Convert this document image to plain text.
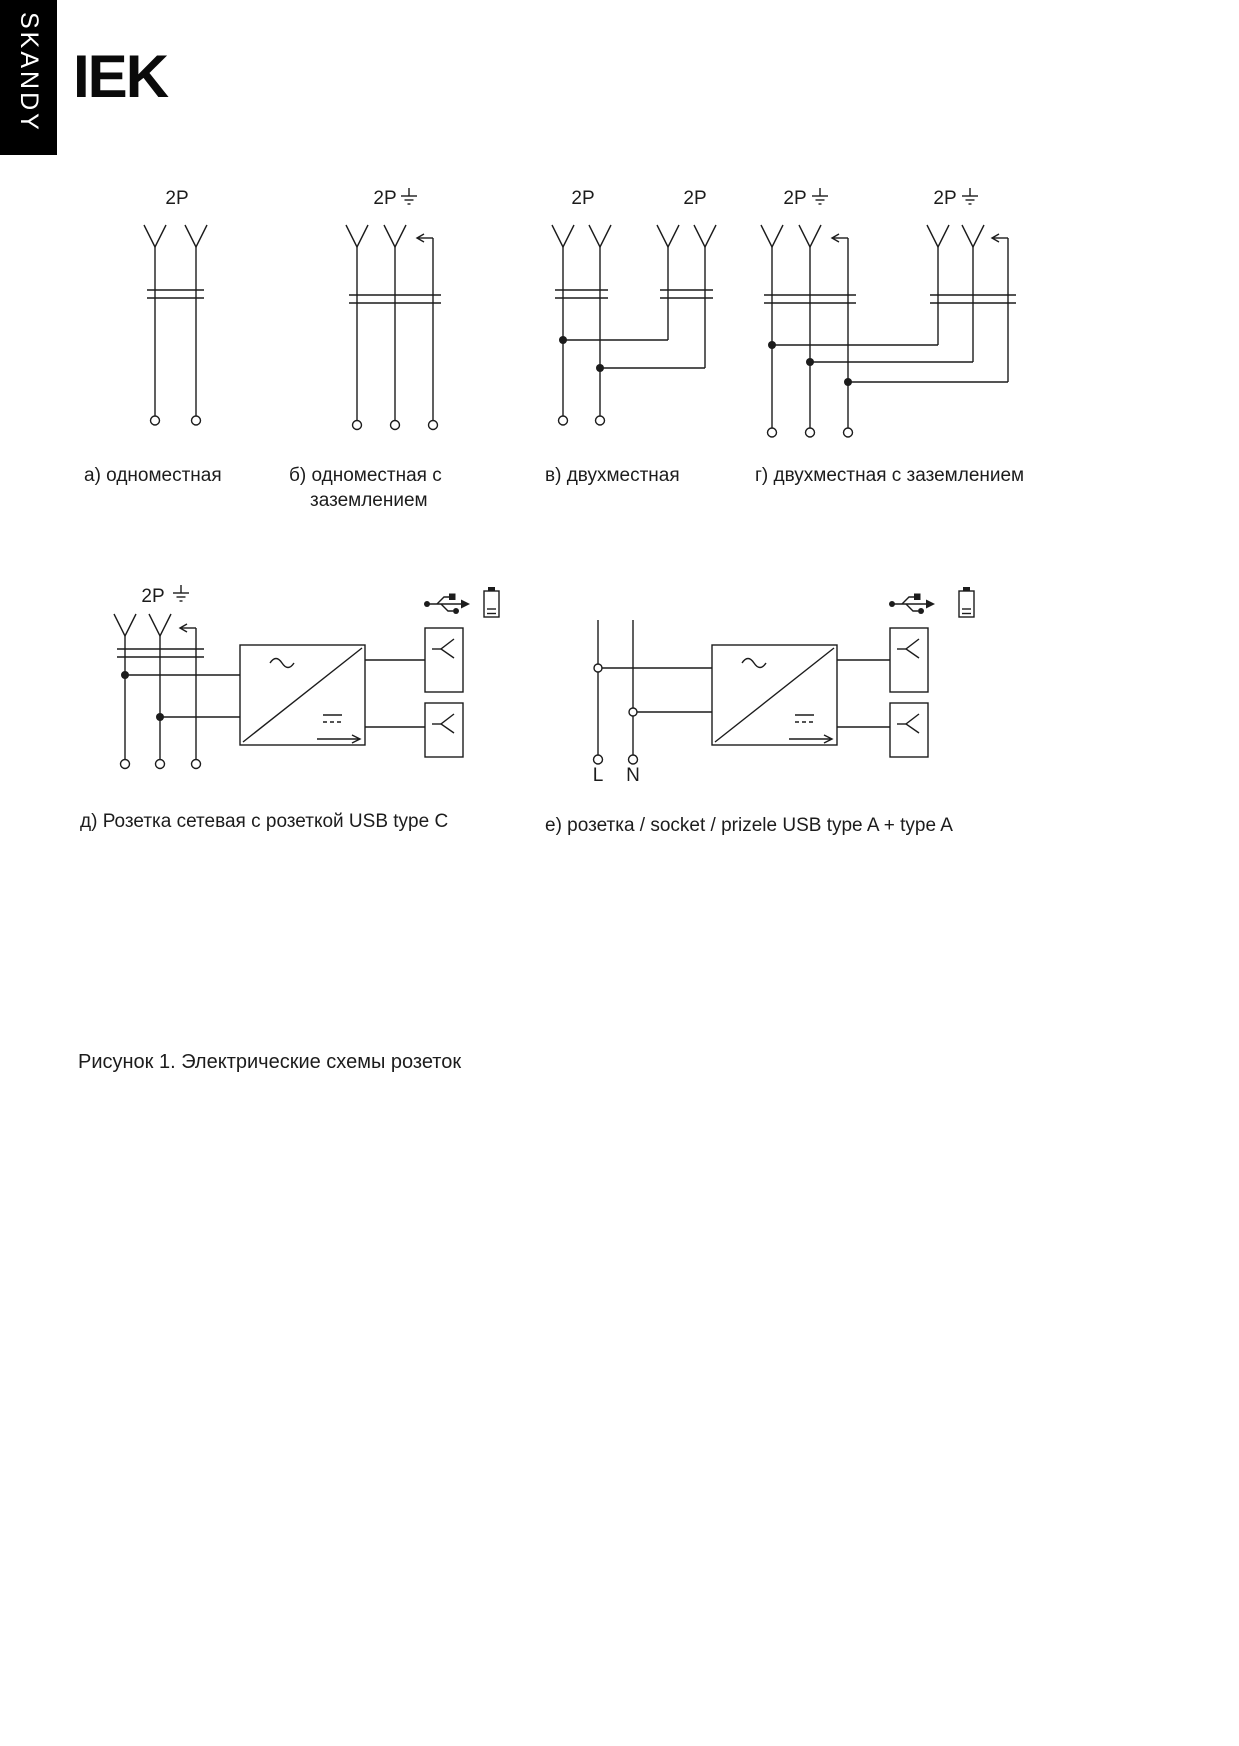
SKANDY IEK
2P
а) одноместная
2P
б) одноместная с
заземлением
2P	2P
в) двухместная
2P	2P
г) двухместная с заземлением
2P
д) Розетка сетевая с розеткой USB type C
L N
е) розетка / socket / prizele USB type A + type A
Рисунок 1. Электрические схемы розеток
